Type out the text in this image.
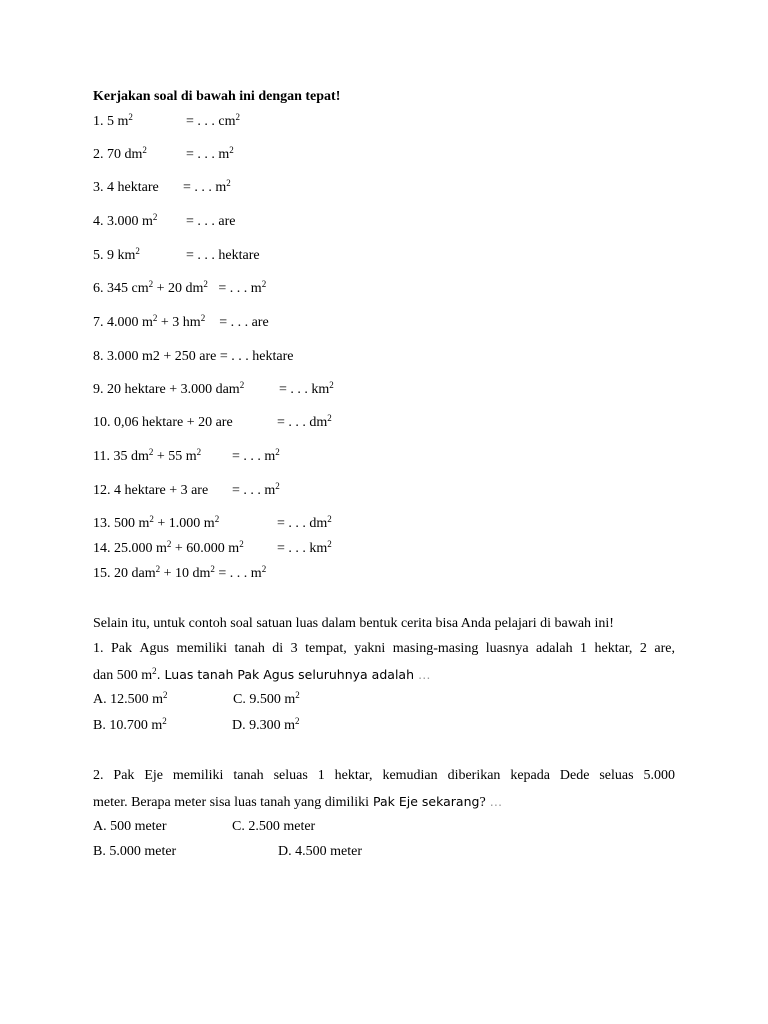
Kerjakan soal di bawah ini dengan tepat!
1. 5 $m^2$	= . . . $cm^2$
2. 70 $dm^2$	= . . . $m^2$
3. 4 hektare = . . . $m^2$
4. 3.000 $m^2$ = . . . are
5. 9 $km^2$	= . . . hektare
6. 345 $cm^2 + 20$ $dm^2$ = . . . $m^2$
7. 4.000 $m^2 + 3$ $hm^2$ = . . . are
8. 3.000 m2 + 250 are = . . . hektare
9. 20 hektare + 3.000 dam$^2$ = . . . $km^2$
10. 0,06 hektare + 20 are	= . . . $dm^2$
11. 35 $dm^2 + 55$ $m^2$ = . . . $m^2$
12. 4 hektare + 3 are = . . . $m^2$
13. 500 $m^2 + 1.000$ $m^2$	= . . . $dm^2$
14. 25.000 $m^2 + 60.000$ $m^2$ = . . . $km^2$
15. 20 dam$^2$ + 10 $dm^2$ = . . . $m^2$
Selain itu, untuk contoh soal satuan luas dalam bentuk cerita bisa Anda pelajari di bawah ini!
1. Pak Agus memiliki tanah di 3 tempat, yakni masing-masing luasnya adalah 1 hektar, 2 are,
dan 500 $m^2$. Luas tanah Pak Agus seluruhnya adalah …
A. 12.500 $m^2$	C. 9.500 $m^2$
B. 10.700 $m^2$	D. 9.300 $m^2$
2. Pak Eje memiliki tanah seluas 1 hektar, kemudian diberikan kepada Dede seluas 5.000
meter. Berapa meter sisa luas tanah yang dimiliki Pak Eje sekarang? …
A. 500 meter	C. 2.500 meter
B. 5.000 meter	D. 4.500 meter
